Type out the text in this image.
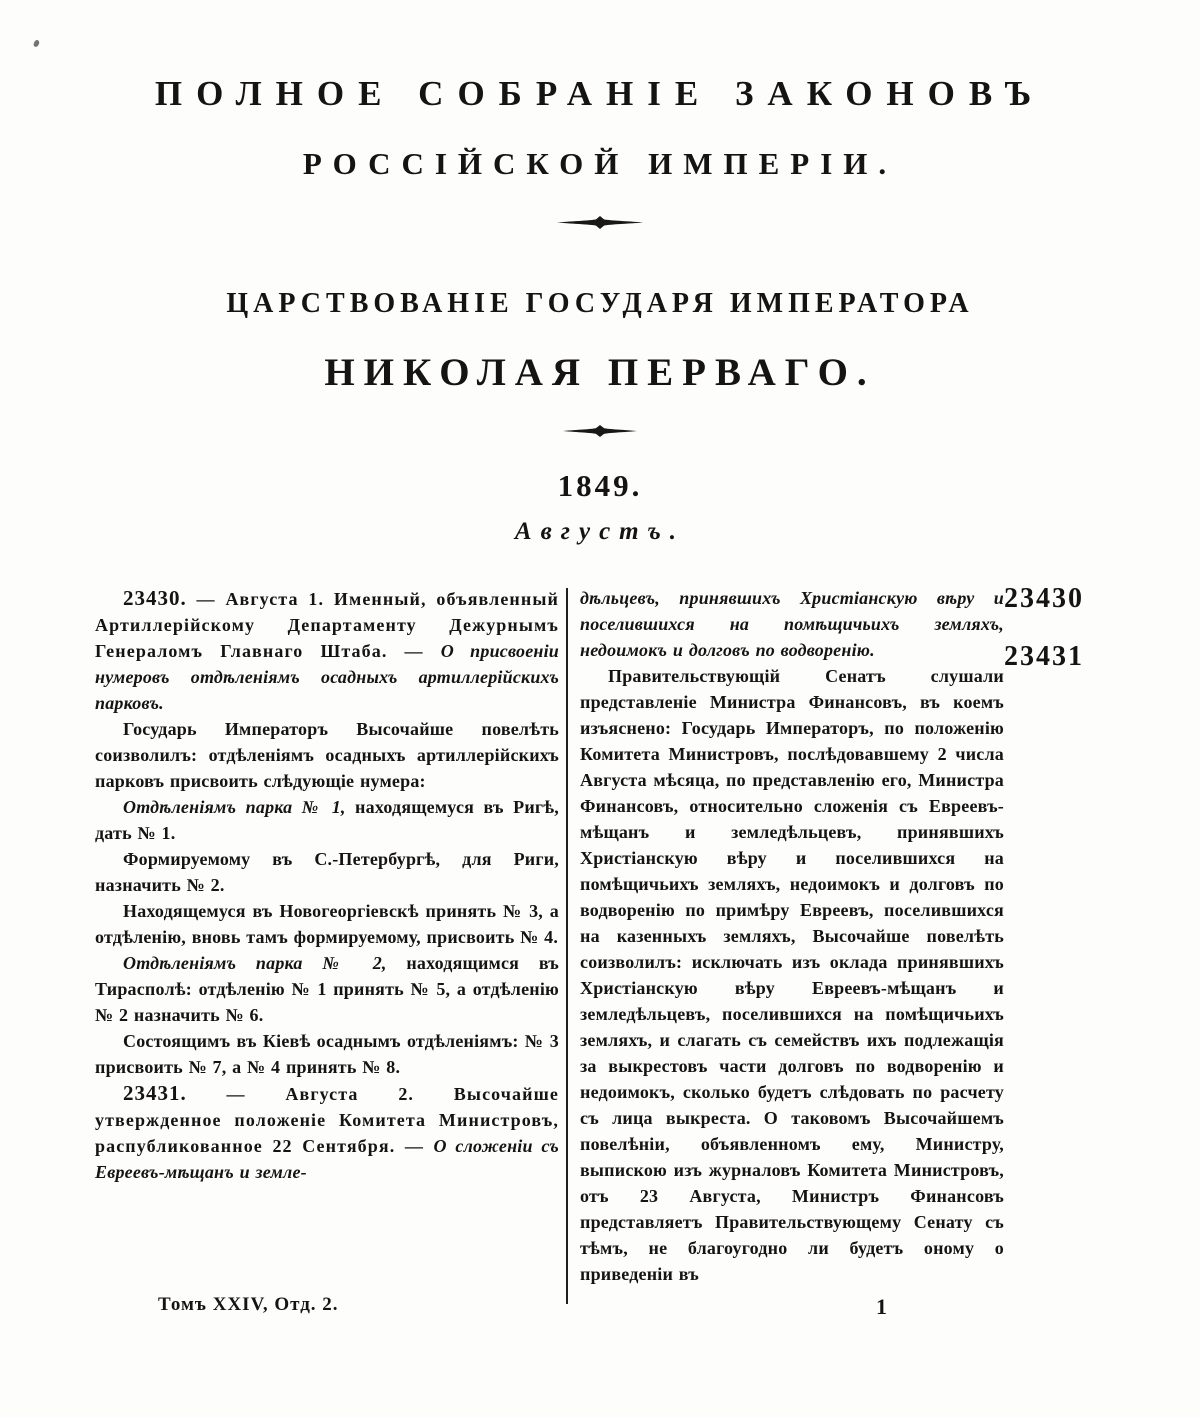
ПОЛНОЕ СОБРАНІЕ ЗАКОНОВЪ
РОССІЙСКОЙ ИМПЕРІИ.
ЦАРСТВОВАНІЕ ГОСУДАРЯ ИМПЕРАТОРА
НИКОЛАЯ ПЕРВАГО.
1849.
Августъ.

23430. — Августа 1. Именный, объявленный Артиллерійскому Департаменту Дежурнымъ Генераломъ Главнаго Штаба. — О присвоеніи нумеровъ отдѣленіямъ осадныхъ артиллерійскихъ парковъ.

Государь Императоръ Высочайше повелѣть соизволилъ: отдѣленіямъ осадныхъ артиллерійскихъ парковъ присвоить слѣдующіе нумера:

Отдѣленіямъ парка № 1, находящемуся въ Ригѣ, дать № 1.

Формируемому въ С.-Петербургѣ, для Риги, назначить № 2.

Находящемуся въ Новогеоргіевскѣ принять № 3, а отдѣленію, вновь тамъ формируемому, присвоить № 4.

Отдѣленіямъ парка № 2, находящимся въ Тирасполѣ: отдѣленію № 1 принять № 5, а отдѣленію № 2 назначить № 6.

Состоящимъ въ Кіевѣ осаднымъ отдѣленіямъ: № 3 присвоить № 7, а № 4 принять № 8.

23431. — Августа 2. Высочайше утвержденное положеніе Комитета Министровъ, распубликованное 22 Сентября. — О сложеніи съ Евреевъ-мѣщанъ и земле-

дѣльцевъ, принявшихъ Христіанскую вѣру и поселившихся на помѣщичьихъ земляхъ, недоимокъ и долговъ по водворенію.

Правительствующій Сенатъ слушали представленіе Министра Финансовъ, въ коемъ изъяснено: Государь Императоръ, по положенію Комитета Министровъ, послѣдовавшему 2 числа Августа мѣсяца, по представленію его, Министра Финансовъ, относительно сложенія съ Евреевъ-мѣщанъ и земледѣльцевъ, принявшихъ Христіанскую вѣру и поселившихся на помѣщичьихъ земляхъ, недоимокъ и долговъ по водворенію по примѣру Евреевъ, поселившихся на казенныхъ земляхъ, Высочайше повелѣть соизволилъ: исключать изъ оклада принявшихъ Христіанскую вѣру Евреевъ-мѣщанъ и земледѣльцевъ, поселившихся на помѣщичьихъ земляхъ, и слагать съ семействъ ихъ подлежащія за выкрестовъ части долговъ по водворенію и недоимокъ, сколько будетъ слѣдовать по расчету съ лица выкреста. О таковомъ Высочайшемъ повелѣніи, объявленномъ ему, Министру, выпискою изъ журналовъ Комитета Министровъ, отъ 23 Августа, Министръ Финансовъ представляетъ Правительствующему Сенату съ тѣмъ, не благоугодно ли будетъ оному о приведеніи въ

23430
23431
Томъ XXIV, Отд. 2.	1
